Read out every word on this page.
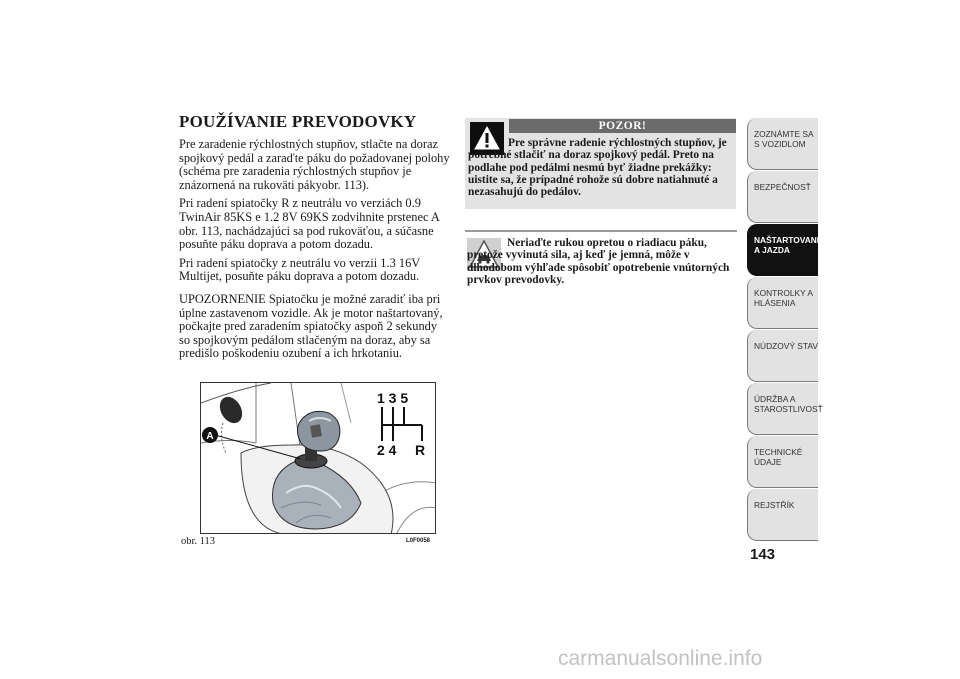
POUŽÍVANIE PREVODOVKY

Pre zaradenie rýchlostných stupňov, stlačte na doraz spojkový pedál a zaraďte páku do požadovanej polohy (schéma pre zaradenia rýchlostných stupňov je znázornená na rukoväti pákyobr. 113).

Pri radení spiatočky R z neutrálu vo verziách 0.9 TwinAir 85KS e 1.2 8V 69KS zodvihnite prstenec A obr. 113, nachádzajúci sa pod rukoväťou, a súčasne posuňte páku doprava a potom dozadu.

Pri radení spiatočky z neutrálu vo verzii 1.3 16V Multijet, posuňte páku doprava a potom dozadu.

UPOZORNENIE Spiatočku je možné zaradiť iba pri úplne zastavenom vozidle. Ak je motor naštartovaný, počkajte pred zaradením spiatočky aspoň 2 sekundy so spojkovým pedálom stlačeným na doraz, aby sa predišlo poškodeniu ozubení a ich hrkotaniu.

1 3 5
2 4 R
A
obr. 113	L0F0058
POZOR!
Pre správne radenie rýchlostných stupňov, je potrebné stlačiť na doraz spojkový pedál. Preto na podlahe pod pedálmi nesmú byť žiadne prekážky: uistite sa, že prípadné rohože sú dobre natiahnuté a nezasahujú do pedálov.
Neriaďte rukou opretou o riadiacu páku, pretože vyvinutá sila, aj keď je jemná, môže v dlhodobom výhľade spôsobiť opotrebenie vnútorných prvkov prevodovky.
ZOZNÁMTE SA S VOZIDLOM
BEZPEČNOSŤ
NAŠTARTOVANIE A JAZDA
KONTROLKY A HLÁSENIA
NÚDZOVÝ STAV
ÚDRŽBA A STAROSTLIVOSŤ
TECHNICKÉ ÚDAJE
REJSTŘÍK
143
carmanualsonline.info
